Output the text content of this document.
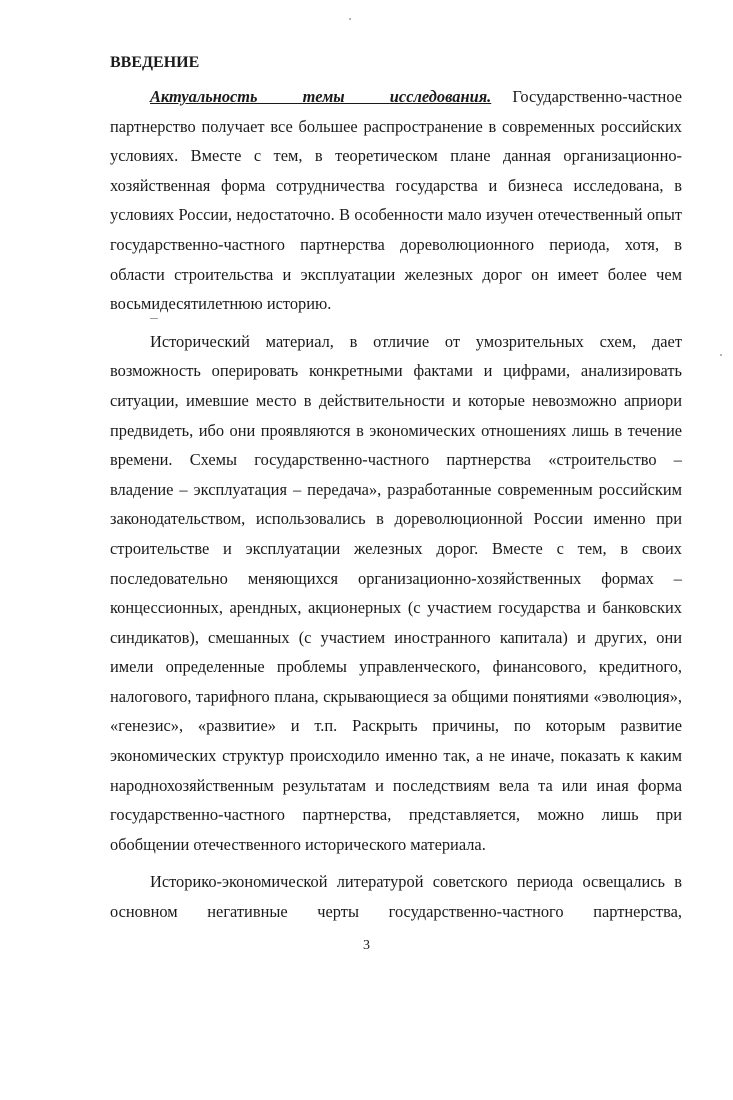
ВВЕДЕНИЕ

Актуальность темы исследования. Государственно-частное партнерство получает все большее распространение в современных российских условиях. Вместе с тем, в теоретическом плане данная организационно-хозяйственная форма сотрудничества государства и бизнеса исследована, в условиях России, недостаточно. В особенности мало изучен отечественный опыт государственно-частного партнерства дореволюционного периода, хотя, в области строительства и эксплуатации железных дорог он имеет более чем восьмидесятилетнюю историю.

Исторический материал, в отличие от умозрительных схем, дает возможность оперировать конкретными фактами и цифрами, анализировать ситуации, имевшие место в действительности и которые невозможно априори предвидеть, ибо они проявляются в экономических отношениях лишь в течение времени. Схемы государственно-частного партнерства «строительство – владение – эксплуатация – передача», разработанные современным российским законодательством, использовались в дореволюционной России именно при строительстве и эксплуатации железных дорог. Вместе с тем, в своих последовательно меняющихся организационно-хозяйственных формах – концессионных, арендных, акционерных (с участием государства и банковских синдикатов), смешанных (с участием иностранного капитала) и других, они имели определенные проблемы управленческого, финансового, кредитного, налогового, тарифного плана, скрывающиеся за общими понятиями «эволюция», «генезис», «развитие» и т.п. Раскрыть причины, по которым развитие экономических структур происходило именно так, а не иначе, показать к каким народнохозяйственным результатам и последствиям вела та или иная форма государственно-частного партнерства, представляется, можно лишь при обобщении отечественного исторического материала.

Историко-экономической литературой советского периода освещались в основном негативные черты государственно-частного партнерства,

3
